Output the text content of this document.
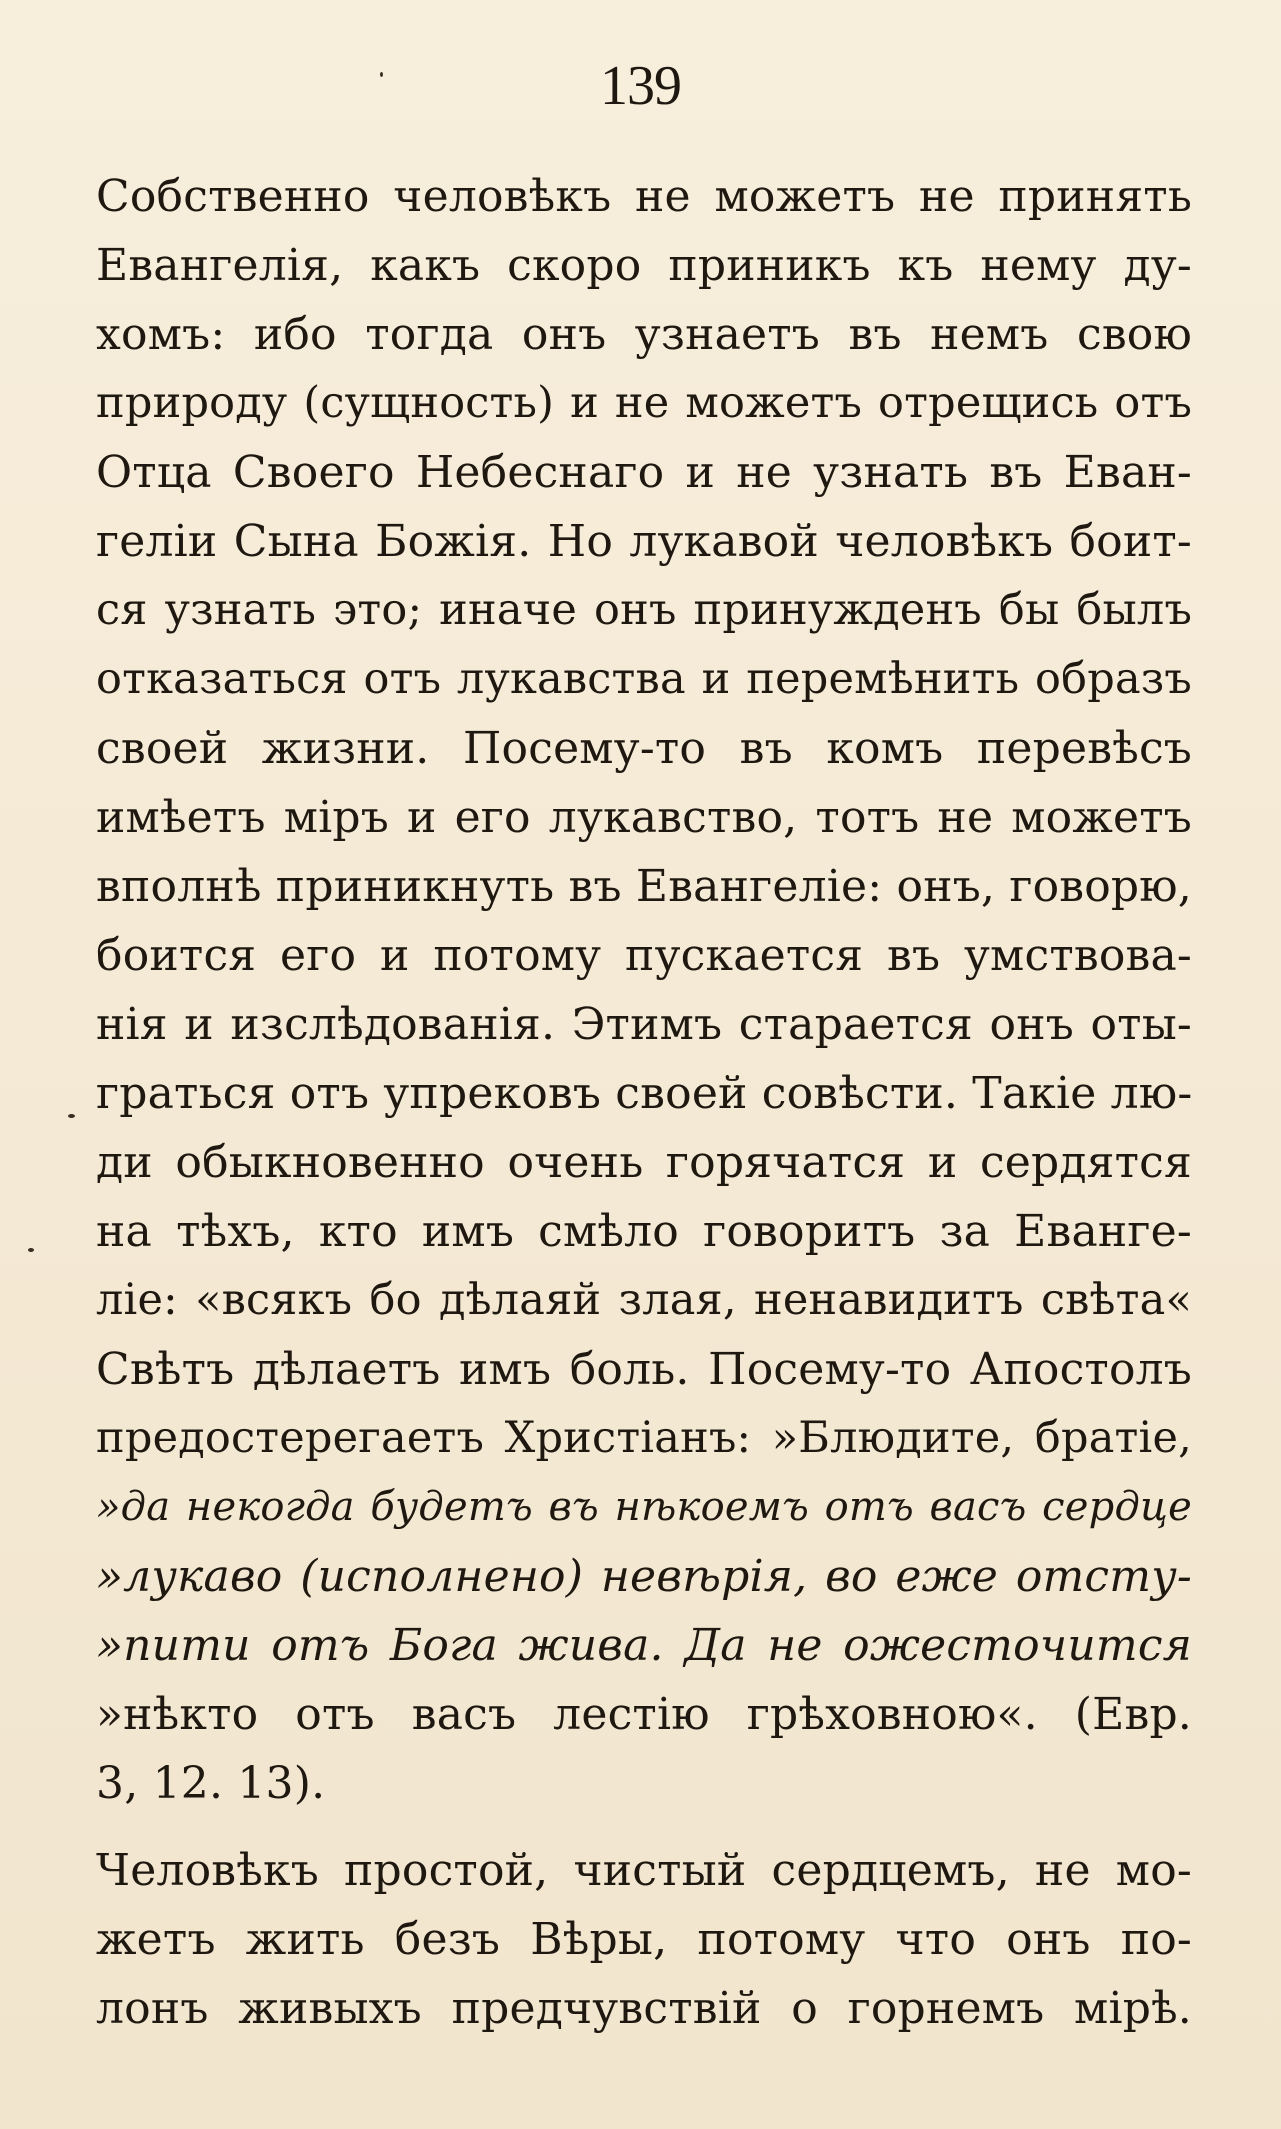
139
Собственно человѣкъ не можетъ не принять
Евангелія, какъ скоро приникъ къ нему ду-
хомъ: ибо тогда онъ узнаетъ въ немъ свою
природу (сущность) и не можетъ отрещись отъ
Отца Своего Небеснаго и не узнать въ Еван-
геліи Сына Божія. Но лукавой человѣкъ боит-
ся узнать это; иначе онъ принужденъ бы былъ
отказаться отъ лукавства и перемѣнить образъ
своей жизни. Посему-то въ комъ перевѣсъ
имѣетъ міръ и его лукавство, тотъ не можетъ
вполнѣ приникнуть въ Евангеліе: онъ, говорю,
боится его и потому пускается въ умствова-
нія и изслѣдованія. Этимъ старается онъ оты-
граться отъ упрековъ своей совѣсти. Такіе лю-
ди обыкновенно очень горячатся и сердятся
на тѣхъ, кто имъ смѣло говоритъ за Еванге-
ліе: «всякъ бо дѣлаяй злая, ненавидитъ свѣта«
Свѣтъ дѣлаетъ имъ боль. Посему-то Апостолъ
предостерегаетъ Христіанъ: »Блюдите, братіе,
»да некогда будетъ въ нѣкоемъ отъ васъ сердце
»лукаво (исполнено) невѣрія, во еже отсту-
»пити отъ Бога жива. Да не ожесточится
»нѣкто отъ васъ лестію грѣховною«. (Евр.
3, 12. 13).
Человѣкъ простой, чистый сердцемъ, не мо-
жетъ жить безъ Вѣры, потому что онъ по-
лонъ живыхъ предчувствій о горнемъ мірѣ.
